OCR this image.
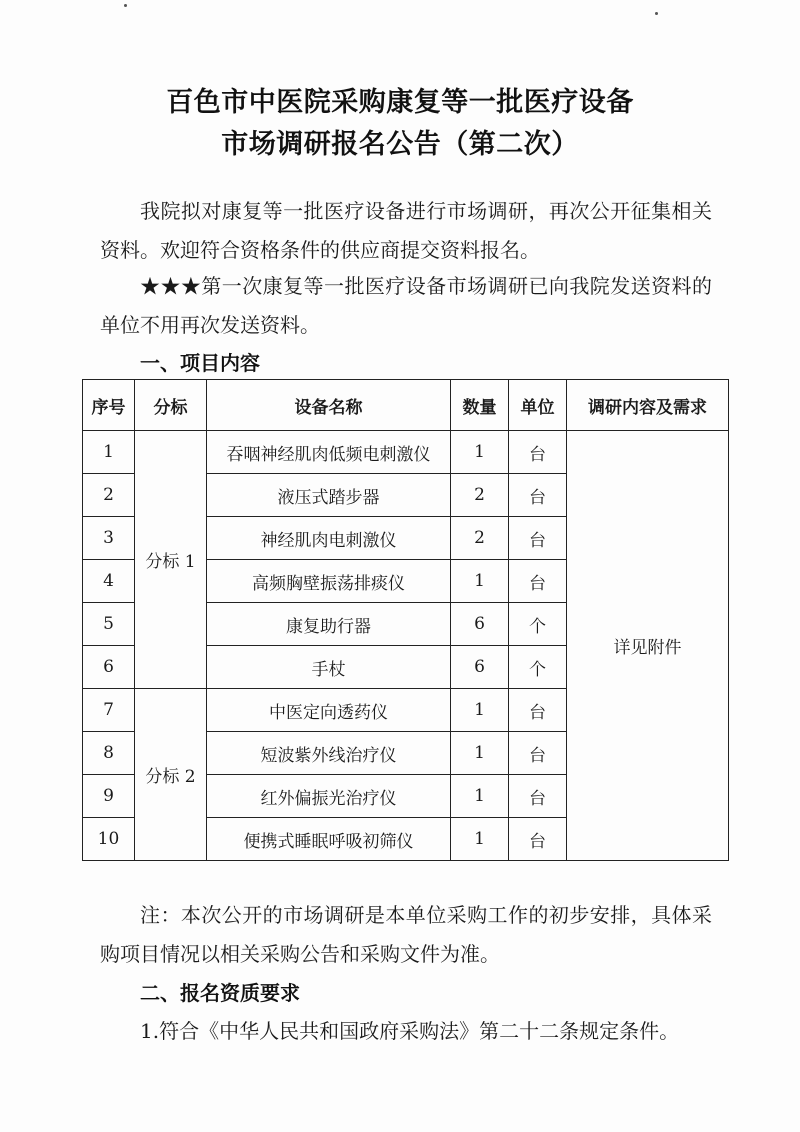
百色市中医院采购康复等一批医疗设备
市场调研报名公告（第二次）
我院拟对康复等一批医疗设备进行市场调研，再次公开征集相关资料。欢迎符合资格条件的供应商提交资料报名。
★★★第一次康复等一批医疗设备市场调研已向我院发送资料的单位不用再次发送资料。
一、项目内容
序号	分标	设备名称	数量	单位	调研内容及需求
1	分标 1	吞咽神经肌肉低频电刺激仪	1	台	详见附件
2		液压式踏步器	2	台	
3		神经肌肉电刺激仪	2	台	
4		高频胸壁振荡排痰仪	1	台	
5		康复助行器	6	个	
6		手杖	6	个	
7	分标 2	中医定向透药仪	1	台	
8		短波紫外线治疗仪	1	台	
9		红外偏振光治疗仪	1	台	
10		便携式睡眠呼吸初筛仪	1	台	
注：本次公开的市场调研是本单位采购工作的初步安排，具体采购项目情况以相关采购公告和采购文件为准。
二、报名资质要求
1.符合《中华人民共和国政府采购法》第二十二条规定条件。
